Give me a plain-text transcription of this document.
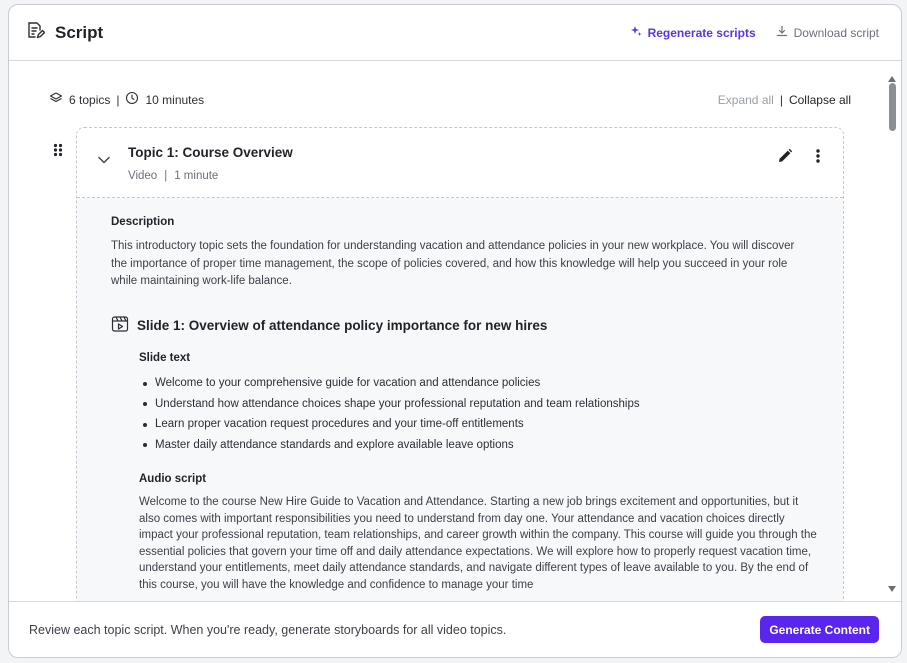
Script	Regenerate scripts	Download script
6 topics | 10 minutes	Expand all | Collapse all
Topic 1: Course Overview
Video | 1 minute
Description
This introductory topic sets the foundation for understanding vacation and attendance policies in your new workplace. You will discover the importance of proper time management, the scope of policies covered, and how this knowledge will help you succeed in your role while maintaining work-life balance.
Slide 1: Overview of attendance policy importance for new hires
Slide text
Welcome to your comprehensive guide for vacation and attendance policies
Understand how attendance choices shape your professional reputation and team relationships
Learn proper vacation request procedures and your time-off entitlements
Master daily attendance standards and explore available leave options
Audio script
Welcome to the course New Hire Guide to Vacation and Attendance. Starting a new job brings excitement and opportunities, but it also comes with important responsibilities you need to understand from day one. Your attendance and vacation choices directly impact your professional reputation, team relationships, and career growth within the company. This course will guide you through the essential policies that govern your time off and daily attendance expectations. We will explore how to properly request vacation time, understand your entitlements, meet daily attendance standards, and navigate different types of leave available to you. By the end of this course, you will have the knowledge and confidence to manage your time
Review each topic script. When you're ready, generate storyboards for all video topics.	Generate Content
